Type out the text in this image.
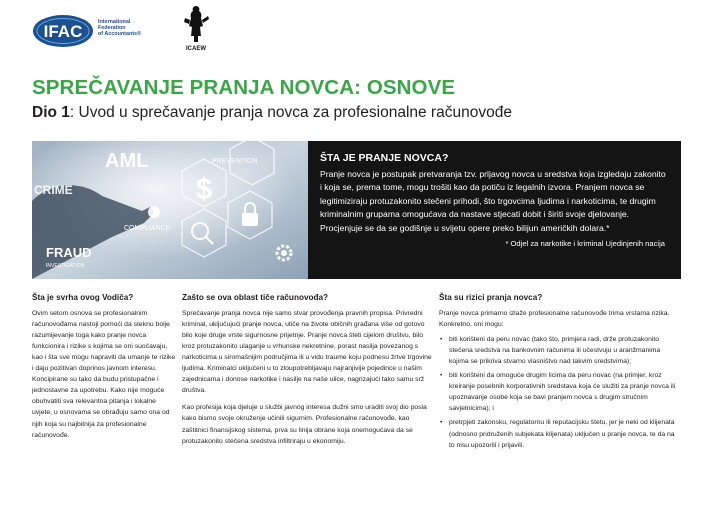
IFAC	International
Federation
of Accountants®
ICAEW
SPREČAVANJE PRANJA NOVCA: OSNOVE
Dio 1: Uvod u sprečavanje pranja novca za profesionalne računovođe
AML	PREVENTION
CRIME
COMPLIANCE
FRAUD
INVESTIGATION
$
ŠTA JE PRANJE NOVCA?

Pranje novca je postupak pretvaranja tzv. prljavog novca u sredstva koja izgledaju zakonito i koja se, prema tome, mogu trošiti kao da potiču iz legalnih izvora. Pranjem novca se legitimiziraju protuzakonito stečeni prihodi, što trgovcima ljudima i narkoticima, te drugim kriminalnim grupama omogućava da nastave stjecati dobit i širiti svoje djelovanje. Procjenjuje se da se godišnje u svijetu opere preko bilijun američkih dolara.*

* Odjel za narkotike i kriminal Ujedinjenih nacija
Šta je svrha ovog Vodiča?

Ovim setom osnova se profesionalnim računovođama nastoji pomoći da steknu bolje razumijevanje toga kako pranje novca funkcionira i rizike s kojima se oni suočavaju, kao i šta sve mogu napraviti da umanje te rizike i daju pozitivan doprinos javnom interesu.

Koncipirane su tako da budu pristupačne i jednostavne za upotrebu. Kako nije moguće obuhvatiti sva relevantna pitanja i lokalne uvjete, u osnovama se obrađuju samo ona od njih koja su najbitnija za profesionalne računovođe.

Zašto se ova oblast tiče računovođa?

Sprečavanje pranja novca nije samo stvar provođenja pravnih propisa. Privredni kriminal, uključujući pranje novca, utiče na živote običnih građana više od gotovo bilo koje druge vrste sigurnosne prijetnje. Pranje novca šteti cijelom društvu, bilo kroz protuzakonito ulaganje u vrhunske nekretnine, porast nasilja povezanog s narkoticima u siromašnijim područjima ili u vidu traume koju podnesu žrtve trgovine ljudima. Kriminalci uključeni u to zloupotrebljavaju najranjivije pojedince u našim zajednicama i donose narkotike i nasilje na naše ulice, nagrizajući tako samu srž društva.

Kao profesija koja djeluje u službi javnog interesa dužni smo uraditi svoj dio posla kako bismo svoje okruženje učinili sigurnim. Profesionalne računovođe, kao zaštitnici finansijskog sistema, prva su linija obrane koja onemogućava da se protuzakonito stečena sredstva infiltriraju u ekonomiju.

Šta su rizici pranja novca?

Pranje novca primarno izlaže profesionalne računovođe trima vrstama rizika. Konkretno, oni mogu:

• biti korišteni da peru novac (tako što, primjera radi, drže protuzakonito stečena sredstva na bankovnim računima ili učestvuju u aranžmanima kojima se prikriva stvarno vlasništvo nad takvim sredstvima);
• biti korišteni da omoguće drugim licima da peru novac (na primjer, kroz kreiranje posebnih korporativnih sredstava koja će služiti za pranje novca ili upoznavanje osobe koja se bavi pranjem novca s drugim stručnim savjetnicima); i
• pretrpjeti zakonsku, regulatornu ili reputacijsku štetu, jer je neki od klijenata (odnosno pridruženih subjekata klijenata) uključen u pranje novca, te da na to nisu upozorili i prijavili.
